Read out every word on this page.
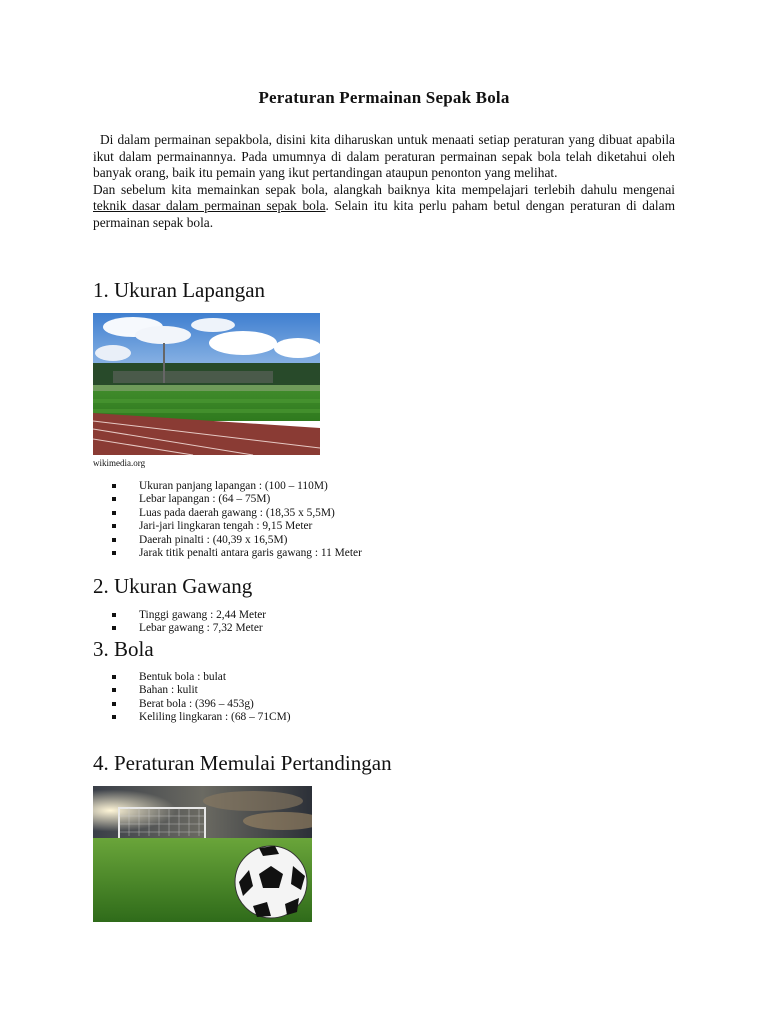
Peraturan Permainan Sepak Bola

Di dalam permainan sepakbola, disini kita diharuskan untuk menaati setiap peraturan yang dibuat apabila ikut dalam permainannya. Pada umumnya di dalam peraturan permainan sepak bola telah diketahui oleh banyak orang, baik itu pemain yang ikut pertandingan ataupun penonton yang melihat.

Dan sebelum kita memainkan sepak bola, alangkah baiknya kita mempelajari terlebih dahulu mengenai teknik dasar dalam permainan sepak bola. Selain itu kita perlu paham betul dengan peraturan di dalam permainan sepak bola.

1. Ukuran Lapangan
wikimedia.org
Ukuran panjang lapangan : (100 – 110M)
Lebar lapangan : (64 – 75M)
Luas pada daerah gawang : (18,35 x 5,5M)
Jari-jari lingkaran tengah : 9,15 Meter
Daerah pinalti : (40,39 x 16,5M)
Jarak titik penalti antara garis gawang : 11 Meter
2. Ukuran Gawang
Tinggi gawang : 2,44 Meter
Lebar gawang : 7,32 Meter
3. Bola
Bentuk bola : bulat
Bahan : kulit
Berat bola : (396 – 453g)
Keliling lingkaran : (68 – 71CM)
4. Peraturan Memulai Pertandingan
